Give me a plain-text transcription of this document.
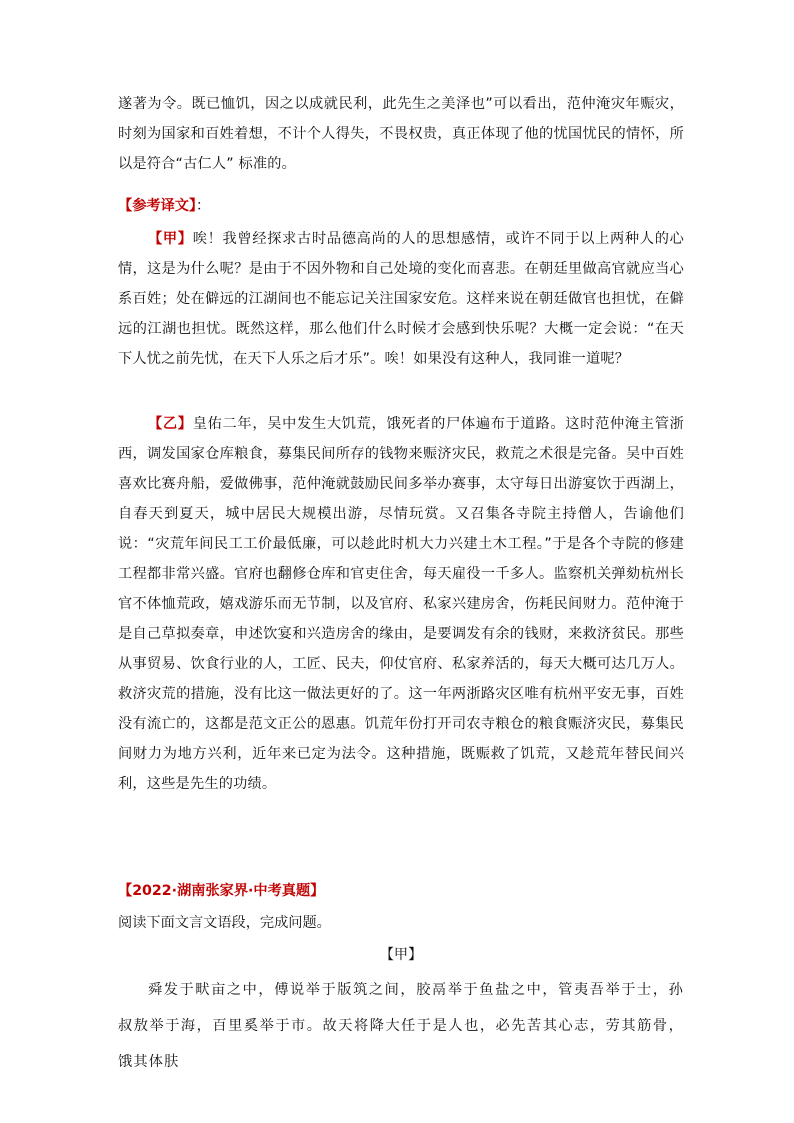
遂著为令。既已恤饥，因之以成就民利，此先生之美泽也”可以看出，范仲淹灾年赈灾，时刻为国家和百姓着想，不计个人得失，不畏权贵，真正体现了他的忧国忧民的情怀，所以是符合“古仁人” 标准的。

【参考译文】：

【甲】唉！我曾经探求古时品德高尚的人的思想感情，或许不同于以上两种人的心情，这是为什么呢？是由于不因外物和自己处境的变化而喜悲。在朝廷里做高官就应当心系百姓；处在僻远的江湖间也不能忘记关注国家安危。这样来说在朝廷做官也担忧，在僻远的江湖也担忧。既然这样，那么他们什么时候才会感到快乐呢？大概一定会说：“在天下人忧之前先忧，在天下人乐之后才乐”。唉！如果没有这种人，我同谁一道呢？

【乙】皇佑二年，吴中发生大饥荒，饿死者的尸体遍布于道路。这时范仲淹主管浙西，调发国家仓库粮食，募集民间所存的钱物来赈济灾民，救荒之术很是完备。吴中百姓喜欢比赛舟船，爱做佛事，范仲淹就鼓励民间多举办赛事，太守每日出游宴饮于西湖上，自春天到夏天，城中居民大规模出游，尽情玩赏。又召集各寺院主持僧人，告谕他们说：“灾荒年间民工工价最低廉，可以趁此时机大力兴建土木工程。”于是各个寺院的修建工程都非常兴盛。官府也翻修仓库和官吏住舍，每天雇役一千多人。监察机关弹劾杭州长官不体恤荒政，嬉戏游乐而无节制，以及官府、私家兴建房舍，伤耗民间财力。范仲淹于是自己草拟奏章，申述饮宴和兴造房舍的缘由，是要调发有余的钱财，来救济贫民。那些从事贸易、饮食行业的人，工匠、民夫，仰仗官府、私家养活的，每天大概可达几万人。救济灾荒的措施，没有比这一做法更好的了。这一年两浙路灾区唯有杭州平安无事，百姓没有流亡的，这都是范文正公的恩惠。饥荒年份打开司农寺粮仓的粮食赈济灾民，募集民间财力为地方兴利，近年来已定为法令。这种措施，既赈救了饥荒，又趁荒年替民间兴利，这些是先生的功绩。

【2022·湖南张家界·中考真题】

阅读下面文言文语段，完成问题。

【甲】

舜发于畎亩之中，傅说举于版筑之间，胶鬲举于鱼盐之中，管夷吾举于士，孙叔敖举于海，百里奚举于市。故天将降大任于是人也，必先苦其心志，劳其筋骨，饿其体肤
